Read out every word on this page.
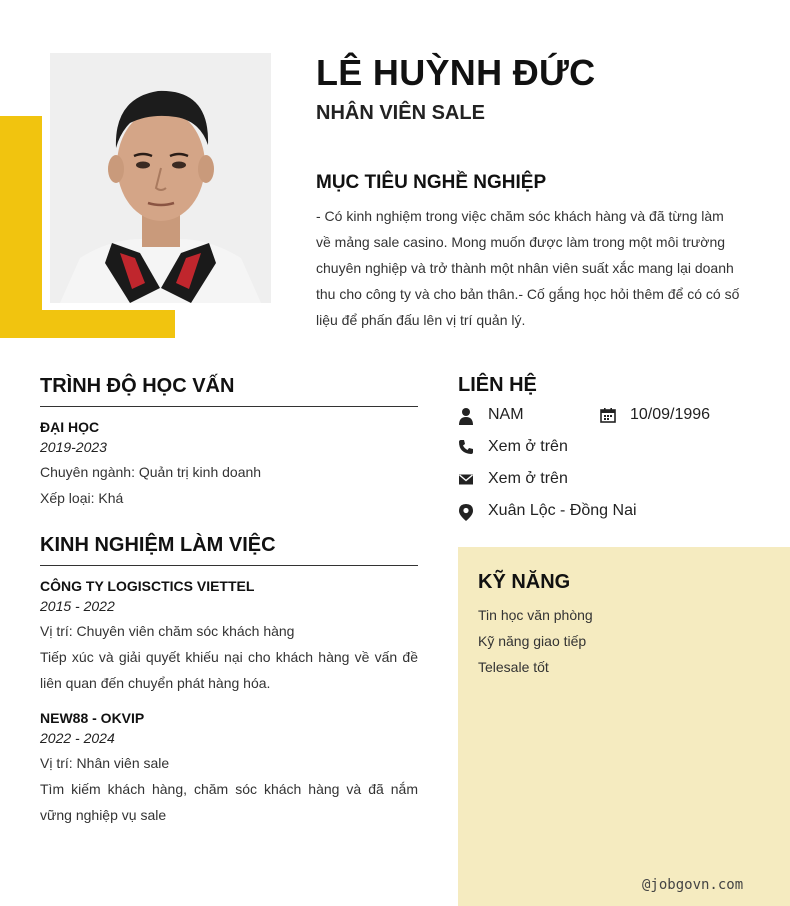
LÊ HUỲNH ĐỨC
NHÂN VIÊN SALE
MỤC TIÊU NGHỀ NGHIỆP

- Có kinh nghiệm trong việc chăm sóc khách hàng và đã từng làm về mảng sale casino. Mong muốn được làm trong một môi trường chuyên nghiệp và trở thành một nhân viên suất xắc mang lại doanh thu cho công ty và cho bản thân.- Cố gắng học hỏi thêm để có có số liệu để phấn đấu lên vị trí quản lý.

TRÌNH ĐỘ HỌC VẤN

ĐẠI HỌC

2019-2023

Chuyên ngành: Quản trị kinh doanh

Xếp loại: Khá

KINH NGHIỆM LÀM VIỆC

CÔNG TY LOGISCTICS VIETTEL

2015 - 2022

Vị trí: Chuyên viên chăm sóc khách hàng

Tiếp xúc và giải quyết khiếu nại cho khách hàng về vấn đề liên quan đến chuyển phát hàng hóa.

NEW88 - OKVIP

2022 - 2024

Vị trí: Nhân viên sale

Tìm kiếm khách hàng, chăm sóc khách hàng và đã nắm vững nghiệp vụ sale

LIÊN HỆ
NAM	10/09/1996
Xem ở trên
Xem ở trên
Xuân Lộc - Đồng Nai
KỸ NĂNG
Tin học văn phòng
Kỹ năng giao tiếp
Telesale tốt
@jobgovn.com
